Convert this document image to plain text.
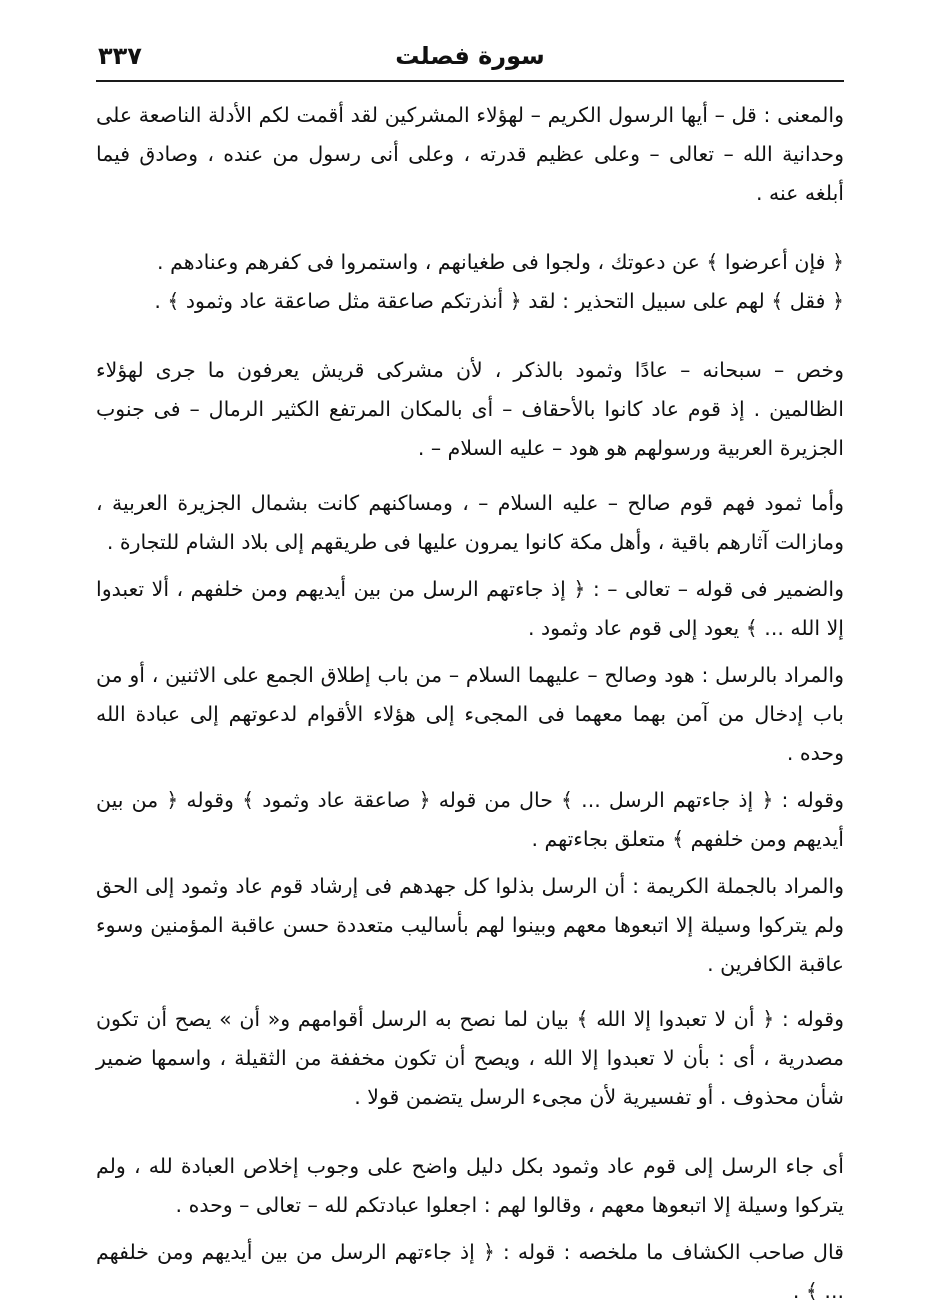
سورة فصلت
٣٣٧

والمعنى : قل – أيها الرسول الكريم – لهؤلاء المشركين لقد أقمت لكم الأدلة الناصعة على وحدانية الله – تعالى – وعلى عظيم قدرته ، وعلى أنى رسول من عنده ، وصادق فيما أبلغه عنه .

﴿ فإن أعرضوا ﴾ عن دعوتك ، ولجوا فى طغيانهم ، واستمروا فى كفرهم وعنادهم .

﴿ فقل ﴾ لهم على سبيل التحذير : لقد ﴿ أنذرتكم صاعقة مثل صاعقة عاد وثمود ﴾ .

وخص – سبحانه – عادًا وثمود بالذكر ، لأن مشركى قريش يعرفون ما جرى لهؤلاء الظالمين . إذ قوم عاد كانوا بالأحقاف – أى بالمكان المرتفع الكثير الرمال – فى جنوب الجزيرة العربية ورسولهم هو هود – عليه السلام – .

وأما ثمود فهم قوم صالح – عليه السلام – ، ومساكنهم كانت بشمال الجزيرة العربية ، ومازالت آثارهم باقية ، وأهل مكة كانوا يمرون عليها فى طريقهم إلى بلاد الشام للتجارة .

والضمير فى قوله – تعالى – : ﴿ إذ جاءتهم الرسل من بين أيديهم ومن خلفهم ، ألا تعبدوا إلا الله ... ﴾ يعود إلى قوم عاد وثمود .

والمراد بالرسل : هود وصالح – عليهما السلام – من باب إطلاق الجمع على الاثنين ، أو من باب إدخال من آمن بهما معهما فى المجىء إلى هؤلاء الأقوام لدعوتهم إلى عبادة الله وحده .

وقوله : ﴿ إذ جاءتهم الرسل ... ﴾ حال من قوله ﴿ صاعقة عاد وثمود ﴾ وقوله ﴿ من بين أيديهم ومن خلفهم ﴾ متعلق بجاءتهم .

والمراد بالجملة الكريمة : أن الرسل بذلوا كل جهدهم فى إرشاد قوم عاد وثمود إلى الحق ولم يتركوا وسيلة إلا اتبعوها معهم وبينوا لهم بأساليب متعددة حسن عاقبة المؤمنين وسوء عاقبة الكافرين .

وقوله : ﴿ أن لا تعبدوا إلا الله ﴾ بيان لما نصح به الرسل أقوامهم و« أن » يصح أن تكون مصدرية ، أى : بأن لا تعبدوا إلا الله ، ويصح أن تكون مخففة من الثقيلة ، واسمها ضمير شأن محذوف . أو تفسيرية لأن مجىء الرسل يتضمن قولا .

أى جاء الرسل إلى قوم عاد وثمود بكل دليل واضح على وجوب إخلاص العبادة لله ، ولم يتركوا وسيلة إلا اتبعوها معهم ، وقالوا لهم : اجعلوا عبادتكم لله – تعالى – وحده .

قال صاحب الكشاف ما ملخصه : قوله : ﴿ إذ جاءتهم الرسل من بين أيديهم ومن خلفهم ... ﴾ .
